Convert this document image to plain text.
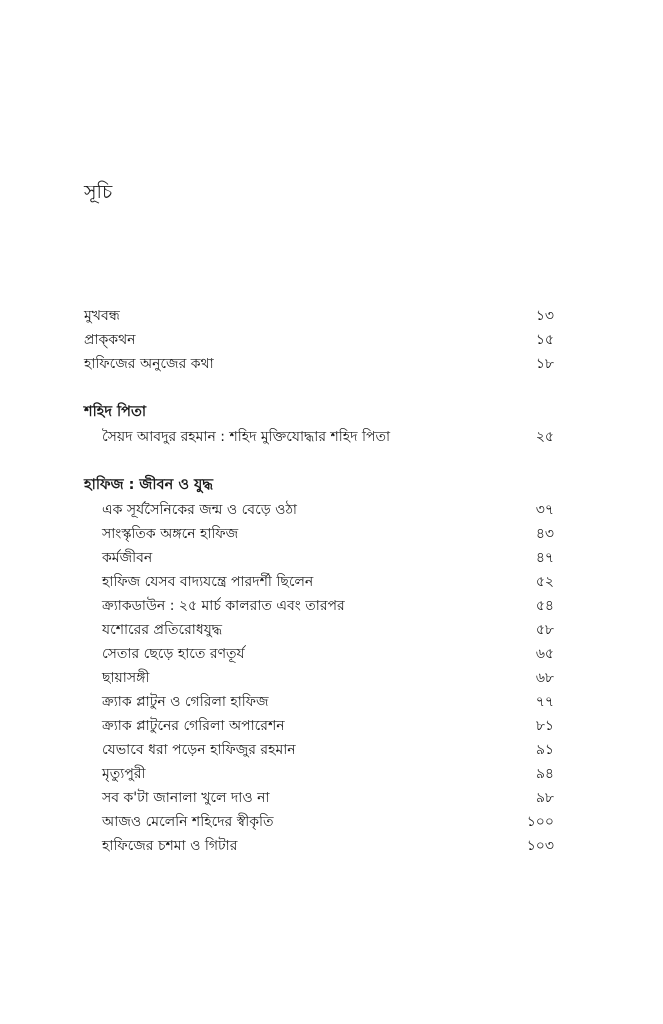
সূচি
মুখবন্ধ	১৩
প্রাক্‌কথন	১৫
হাফিজের অনুজের কথা	১৮
শহিদ পিতা
সৈয়দ আবদুর রহমান : শহিদ মুক্তিযোদ্ধার শহিদ পিতা	২৫
হাফিজ : জীবন ও যুদ্ধ
এক সূর্যসৈনিকের জন্ম ও বেড়ে ওঠা	৩৭
সাংস্কৃতিক অঙ্গনে হাফিজ	৪৩
কর্মজীবন	৪৭
হাফিজ যেসব বাদ্যযন্ত্রে পারদর্শী ছিলেন	৫২
ক্র্যাকডাউন : ২৫ মার্চ কালরাত এবং তারপর	৫৪
যশোরের প্রতিরোধযুদ্ধ	৫৮
সেতার ছেড়ে হাতে রণতূর্য	৬৫
ছায়াসঙ্গী	৬৮
ক্র্যাক প্লাটুন ও গেরিলা হাফিজ	৭৭
ক্র্যাক প্লাটুনের গেরিলা অপারেশন	৮১
যেভাবে ধরা পড়েন হাফিজুর রহমান	৯১
মৃত্যুপুরী	৯৪
সব ক'টা জানালা খুলে দাও না	৯৮
আজও মেলেনি শহিদের স্বীকৃতি	১০০
হাফিজের চশমা ও গিটার	১০৩
